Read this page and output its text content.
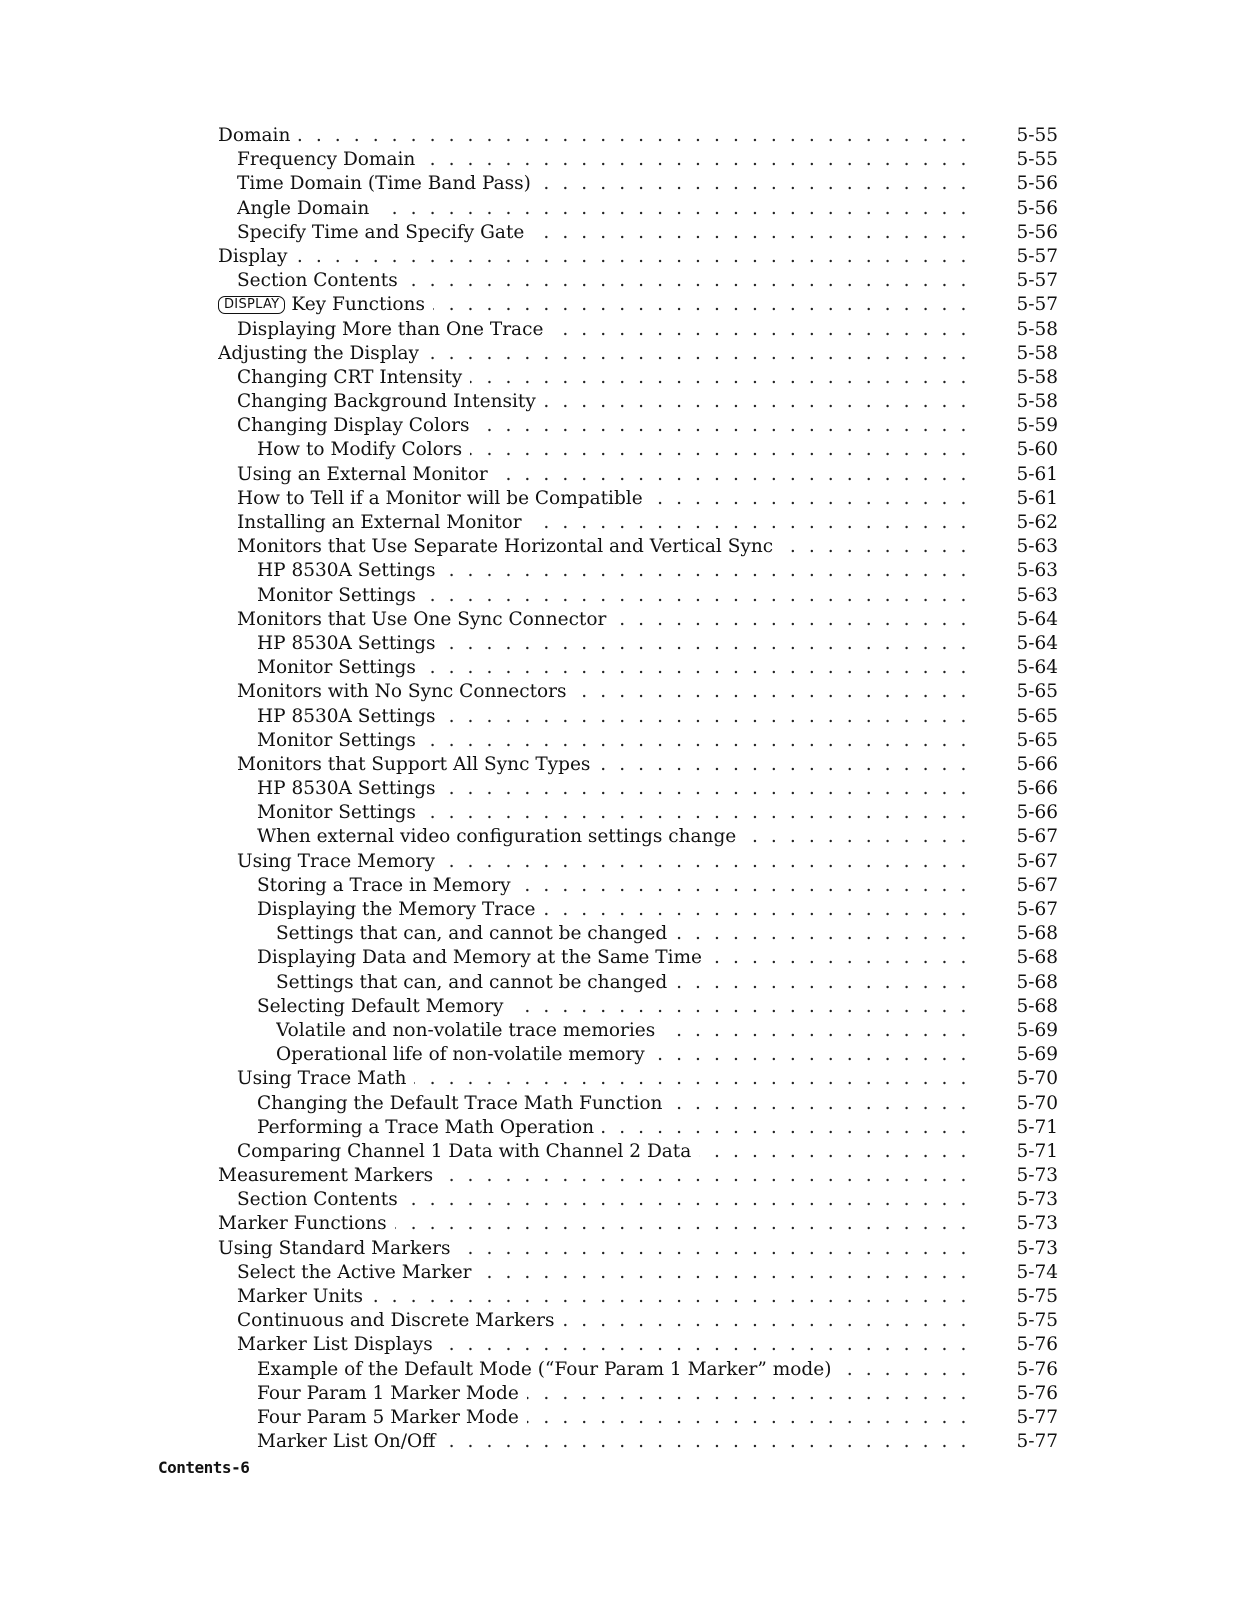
Domain . . .	5-55
Frequency Domain . . .	5-55
Time Domain (Time Band Pass) . . .	5-56
Angle Domain . . .	5-56
Specify Time and Specify Gate . . .	5-56
Display . . .	5-57
Section Contents . . .	5-57
DISPLAY Key Functions . . .	5-57
Displaying More than One Trace . . .	5-58
Adjusting the Display . . .	5-58
Changing CRT Intensity . . .	5-58
Changing Background Intensity . . .	5-58
Changing Display Colors . . .	5-59
How to Modify Colors . . .	5-60
Using an External Monitor . . .	5-61
How to Tell if a Monitor will be Compatible . . .	5-61
Installing an External Monitor . . .	5-62
Monitors that Use Separate Horizontal and Vertical Sync . . .	5-63
HP 8530A Settings . . .	5-63
Monitor Settings . . .	5-63
Monitors that Use One Sync Connector . . .	5-64
HP 8530A Settings . . .	5-64
Monitor Settings . . .	5-64
Monitors with No Sync Connectors . . .	5-65
HP 8530A Settings . . .	5-65
Monitor Settings . . .	5-65
Monitors that Support All Sync Types . . .	5-66
HP 8530A Settings . . .	5-66
Monitor Settings . . .	5-66
When external video configuration settings change . . .	5-67
Using Trace Memory . . .	5-67
Storing a Trace in Memory . . .	5-67
Displaying the Memory Trace . . .	5-67
Settings that can, and cannot be changed . . .	5-68
Displaying Data and Memory at the Same Time . . .	5-68
Settings that can, and cannot be changed . . .	5-68
Selecting Default Memory . . .	5-68
Volatile and non-volatile trace memories . . .	5-69
Operational life of non-volatile memory . . .	5-69
Using Trace Math . . .	5-70
Changing the Default Trace Math Function . . .	5-70
Performing a Trace Math Operation . . .	5-71
Comparing Channel 1 Data with Channel 2 Data . . .	5-71
Measurement Markers . . .	5-73
Section Contents . . .	5-73
Marker Functions . . .	5-73
Using Standard Markers . . .	5-73
Select the Active Marker . . .	5-74
Marker Units . . .	5-75
Continuous and Discrete Markers . . .	5-75
Marker List Displays . . .	5-76
Example of the Default Mode (“Four Param 1 Marker” mode) . . .	5-76
Four Param 1 Marker Mode . . .	5-76
Four Param 5 Marker Mode . . .	5-77
Marker List On/Off . . .	5-77
Contents-6
